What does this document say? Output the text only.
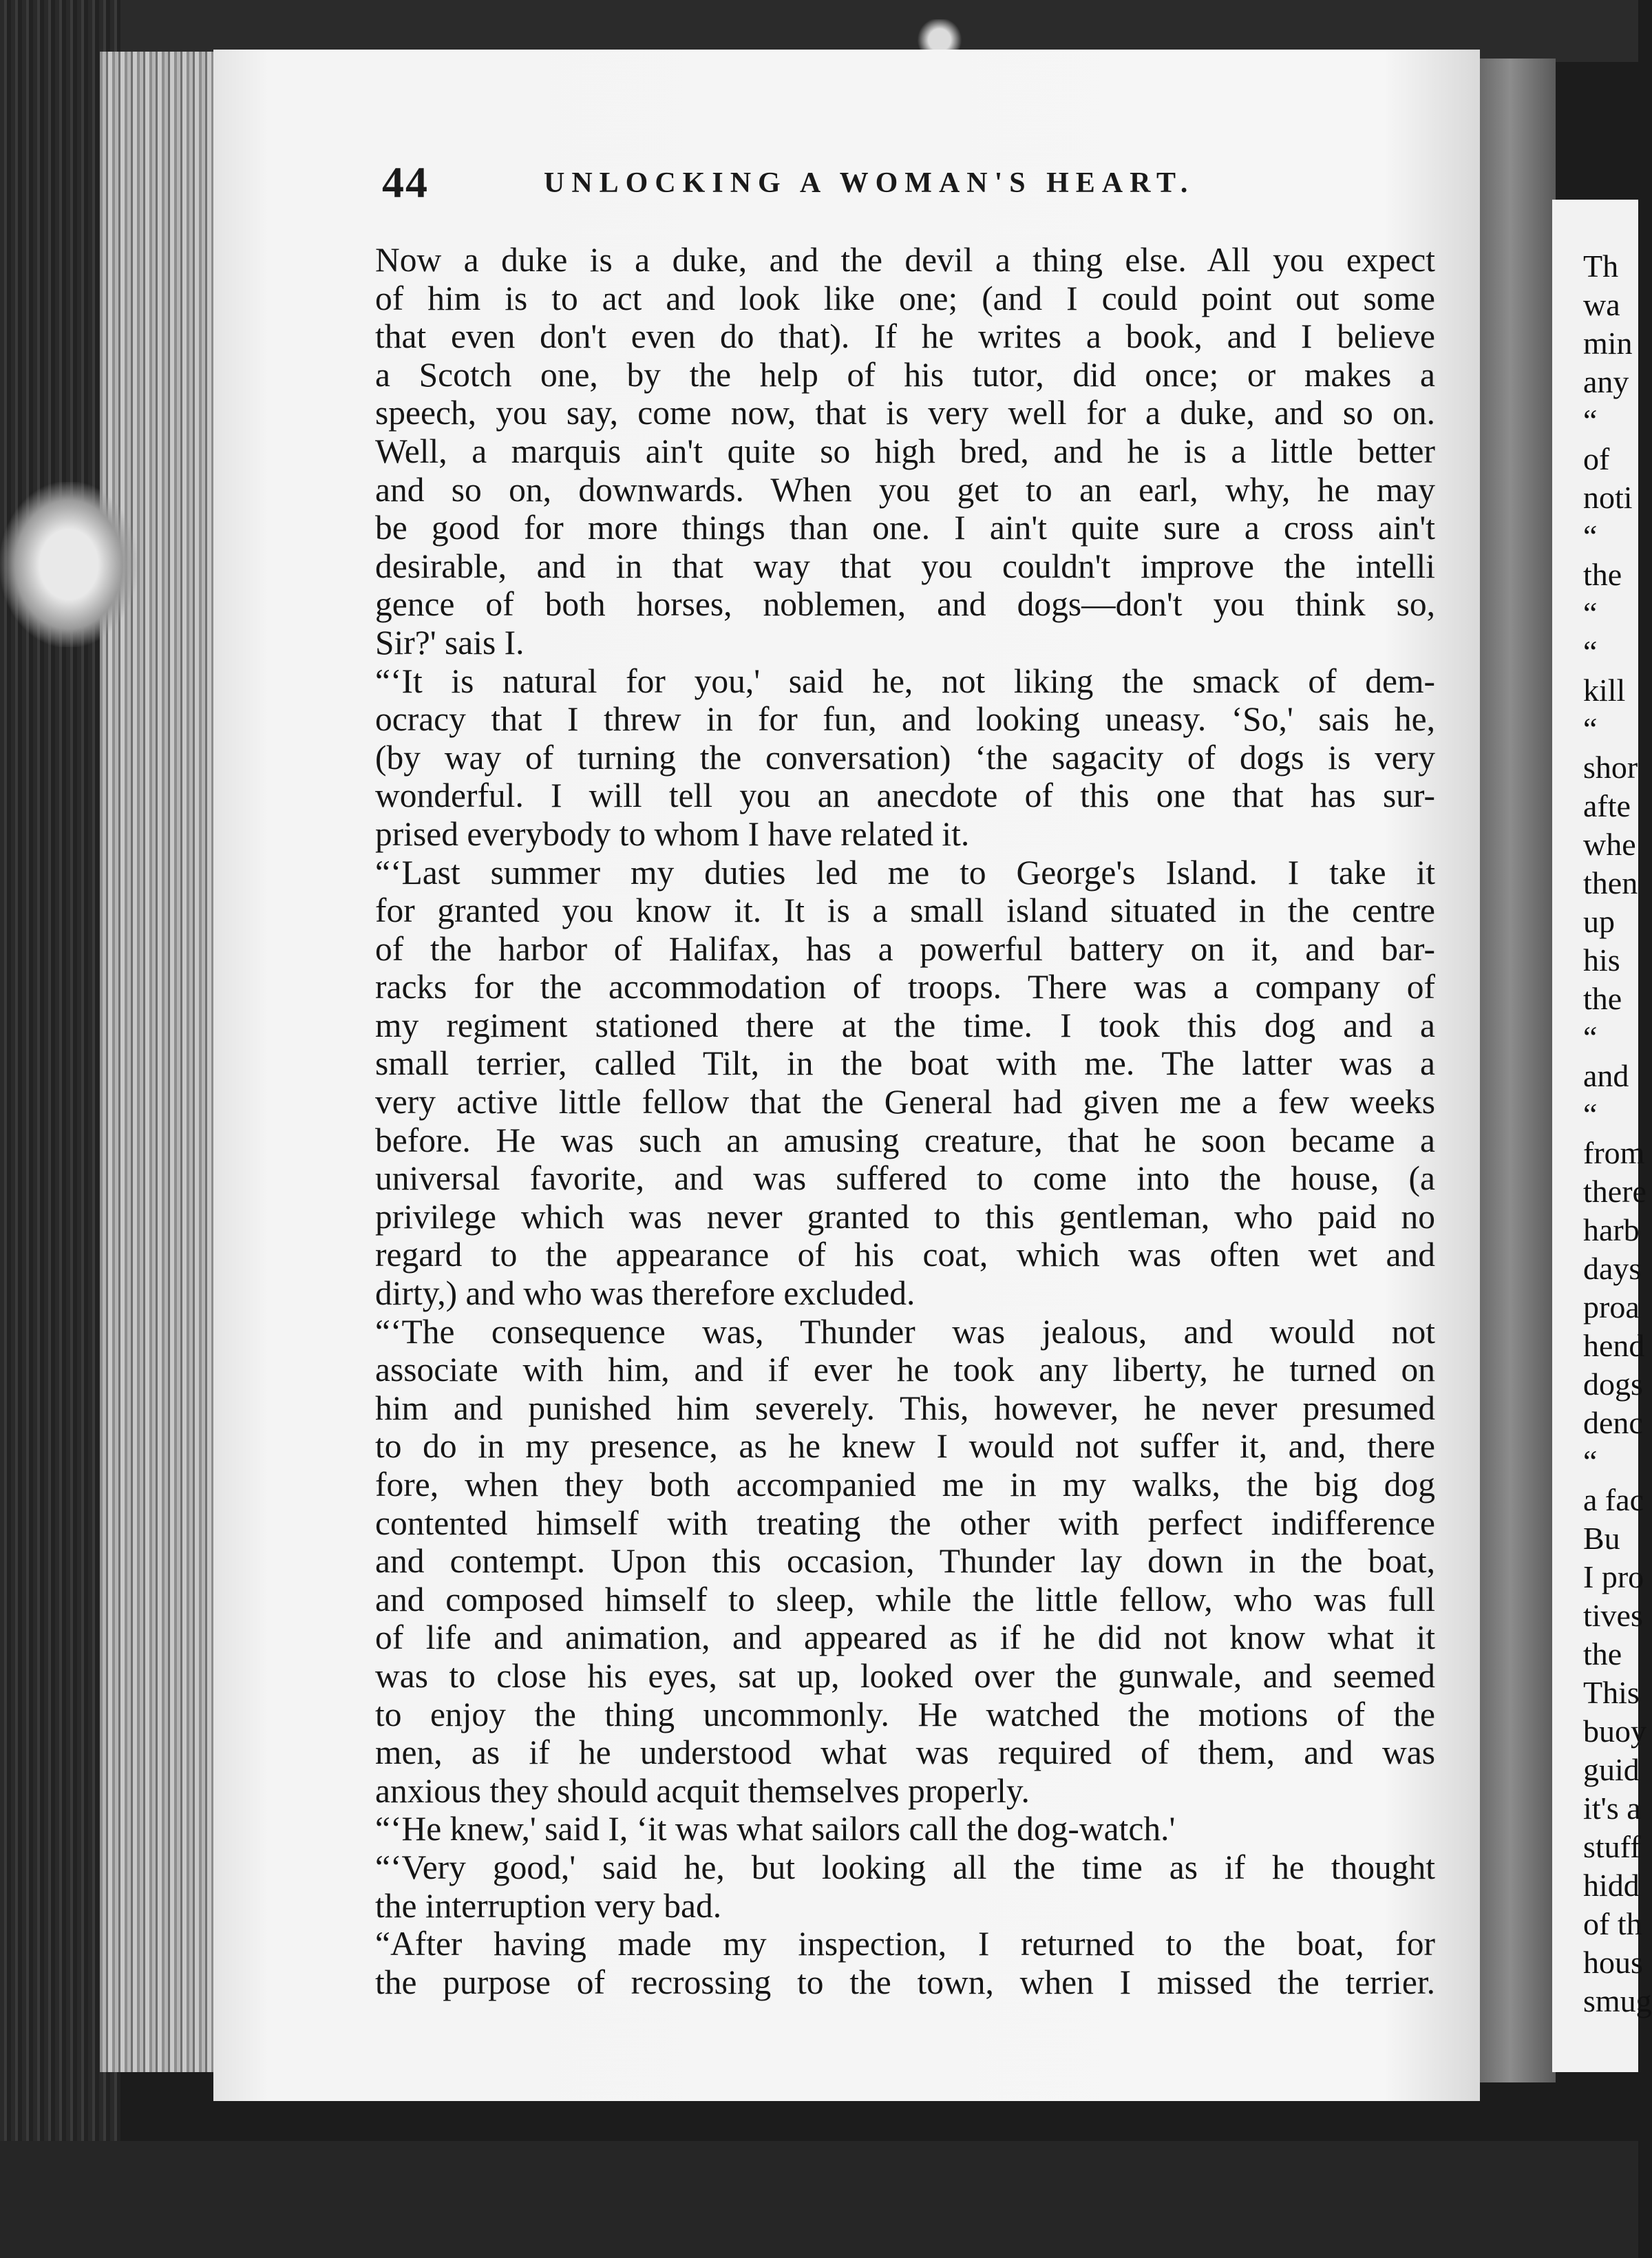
44	UNLOCKING A WOMAN'S HEART.
Now a duke is a duke, and the devil a thing else. All you expect
of him is to act and look like one; (and I could point out some
that even don't even do that). If he writes a book, and I believe
a Scotch one, by the help of his tutor, did once; or makes a
speech, you say, come now, that is very well for a duke, and so on.
Well, a marquis ain't quite so high bred, and he is a little better
and so on, downwards. When you get to an earl, why, he may
be good for more things than one. I ain't quite sure a cross ain't
desirable, and in that way that you couldn't improve the intelli
gence of both horses, noblemen, and dogs—don't you think so,
Sir?' sais I.
“‘It is natural for you,' said he, not liking the smack of dem-
ocracy that I threw in for fun, and looking uneasy. ‘So,' sais he,
(by way of turning the conversation) ‘the sagacity of dogs is very
wonderful. I will tell you an anecdote of this one that has sur-
prised everybody to whom I have related it.
“‘Last summer my duties led me to George's Island. I take it
for granted you know it. It is a small island situated in the centre
of the harbor of Halifax, has a powerful battery on it, and bar-
racks for the accommodation of troops. There was a company of
my regiment stationed there at the time. I took this dog and a
small terrier, called Tilt, in the boat with me. The latter was a
very active little fellow that the General had given me a few weeks
before. He was such an amusing creature, that he soon became a
universal favorite, and was suffered to come into the house, (a
privilege which was never granted to this gentleman, who paid no
regard to the appearance of his coat, which was often wet and
dirty,) and who was therefore excluded.
“‘The consequence was, Thunder was jealous, and would not
associate with him, and if ever he took any liberty, he turned on
him and punished him severely. This, however, he never presumed
to do in my presence, as he knew I would not suffer it, and, there
fore, when they both accompanied me in my walks, the big dog
contented himself with treating the other with perfect indifference
and contempt. Upon this occasion, Thunder lay down in the boat,
and composed himself to sleep, while the little fellow, who was full
of life and animation, and appeared as if he did not know what it
was to close his eyes, sat up, looked over the gunwale, and seemed
to enjoy the thing uncommonly. He watched the motions of the
men, as if he understood what was required of them, and was
anxious they should acquit themselves properly.
“‘He knew,' said I, ‘it was what sailors call the dog-watch.'
“‘Very good,' said he, but looking all the time as if he thought
the interruption very bad.
“After having made my inspection, I returned to the boat, for
the purpose of recrossing to the town, when I missed the terrier.
Th
wa
min
any
“
of
noti
“
the
“
“
kill
“
shor
afte
whe
then
up
his
the
“
and
“
from
there
harb
days
proa
hend
dogs
denc
“
a fac
Bu
I pro
tives
the
This
buoy
guid
it's a
stuff
hidd
of th
hous
smug
